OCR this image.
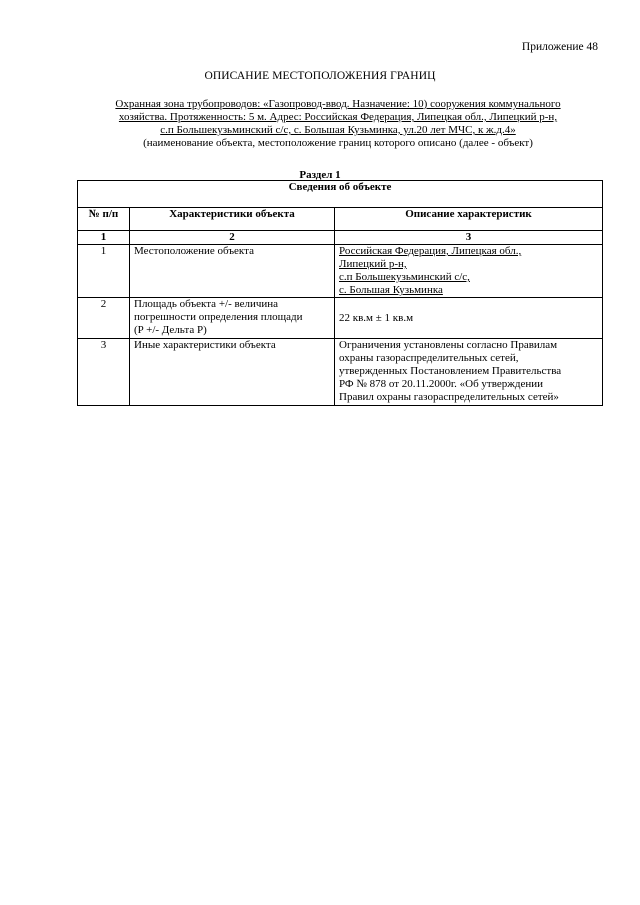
Приложение 48
ОПИСАНИЕ МЕСТОПОЛОЖЕНИЯ ГРАНИЦ
Охранная зона трубопроводов: «Газопровод-ввод. Назначение: 10) сооружения коммунального
хозяйства. Протяженность: 5 м. Адрес: Российская Федерация, Липецкая обл., Липецкий р-н,
с.п Большекузьминский с/с, с. Большая Кузьминка, ул.20 лет МЧС, к ж.д.4»
(наименование объекта, местоположение границ которого описано (далее - объект)
Раздел 1
Сведения об объекте		
№ п/п	Характеристики объекта	Описание характеристик
1	2	3
1	Местоположение объекта	Российская Федерация, Липецкая обл.,
Липецкий р-н,
с.п Большекузьминский с/с,
с. Большая Кузьминка

2	Площадь объекта +/- величина
погрешности определения площади
(P +/- Дельта P)	22 кв.м ± 1 кв.м
3	Иные характеристики объекта	Ограничения установлены согласно Правилам
охраны газораспределительных сетей,
утвержденных Постановлением Правительства
РФ № 878 от 20.11.2000г. «Об утверждении
Правил охраны газораспределительных сетей»
